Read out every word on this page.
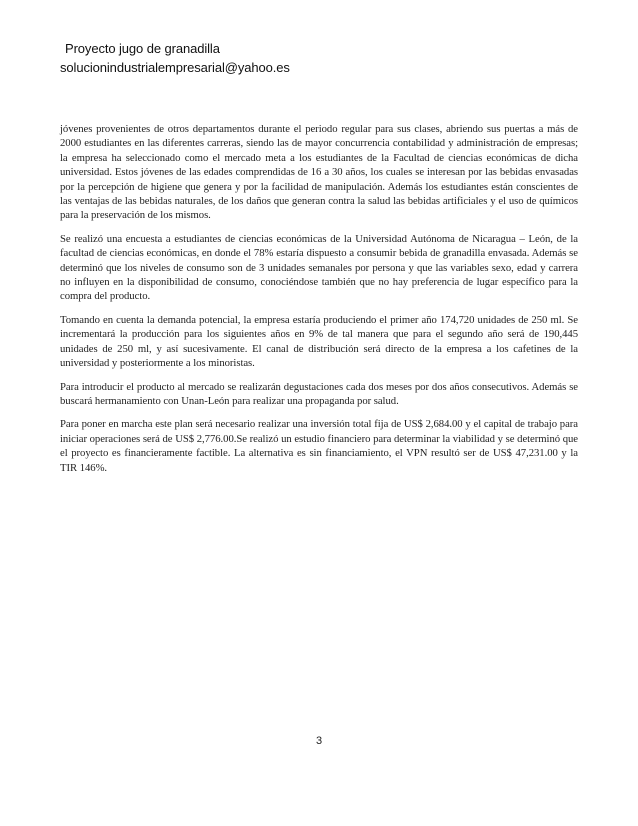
Proyecto jugo de granadilla
solucionindustrialempresarial@yahoo.es

jóvenes provenientes de otros departamentos durante el periodo regular para sus clases, abriendo sus puertas a más de 2000 estudiantes en las diferentes carreras, siendo las de mayor concurrencia contabilidad y administración de empresas; la empresa ha seleccionado como el mercado meta a los estudiantes de la Facultad de ciencias económicas de dicha universidad. Estos jóvenes de las edades comprendidas de 16 a 30 años, los cuales se interesan por las bebidas envasadas por la percepción de higiene que genera y por la facilidad de manipulación. Además los estudiantes están conscientes de las ventajas de las bebidas naturales, de los daños que generan contra la salud las bebidas artificiales y el uso de químicos para la preservación de los mismos.

Se realizó una encuesta a estudiantes de ciencias económicas de la Universidad Autónoma de Nicaragua – León, de la facultad de ciencias económicas, en donde el 78% estaría dispuesto a consumir bebida de granadilla envasada. Además se determinó que los niveles de consumo son de 3 unidades semanales por persona y que las variables sexo, edad y carrera no influyen en la disponibilidad de consumo, conociéndose también que no hay preferencia de lugar específico para la compra del producto.

Tomando en cuenta la demanda potencial, la empresa estaría produciendo el primer año 174,720 unidades de 250 ml. Se incrementará la producción para los siguientes años en 9% de tal manera que para el segundo año será de 190,445 unidades de 250 ml, y así sucesivamente. El canal de distribución será directo de la empresa a los cafetines de la universidad y posteriormente a los minoristas.

Para introducir el producto al mercado se realizarán degustaciones cada dos meses por dos años consecutivos. Además se buscará hermanamiento con Unan-León para realizar una propaganda por salud.

Para poner en marcha este plan será necesario realizar una inversión total fija de US$ 2,684.00 y el capital de trabajo para iniciar operaciones será de US$ 2,776.00.Se realizó un estudio financiero para determinar la viabilidad y se determinó que el proyecto es financieramente factible. La alternativa es sin financiamiento, el VPN resultó ser de US$ 47,231.00 y la TIR 146%.

3
